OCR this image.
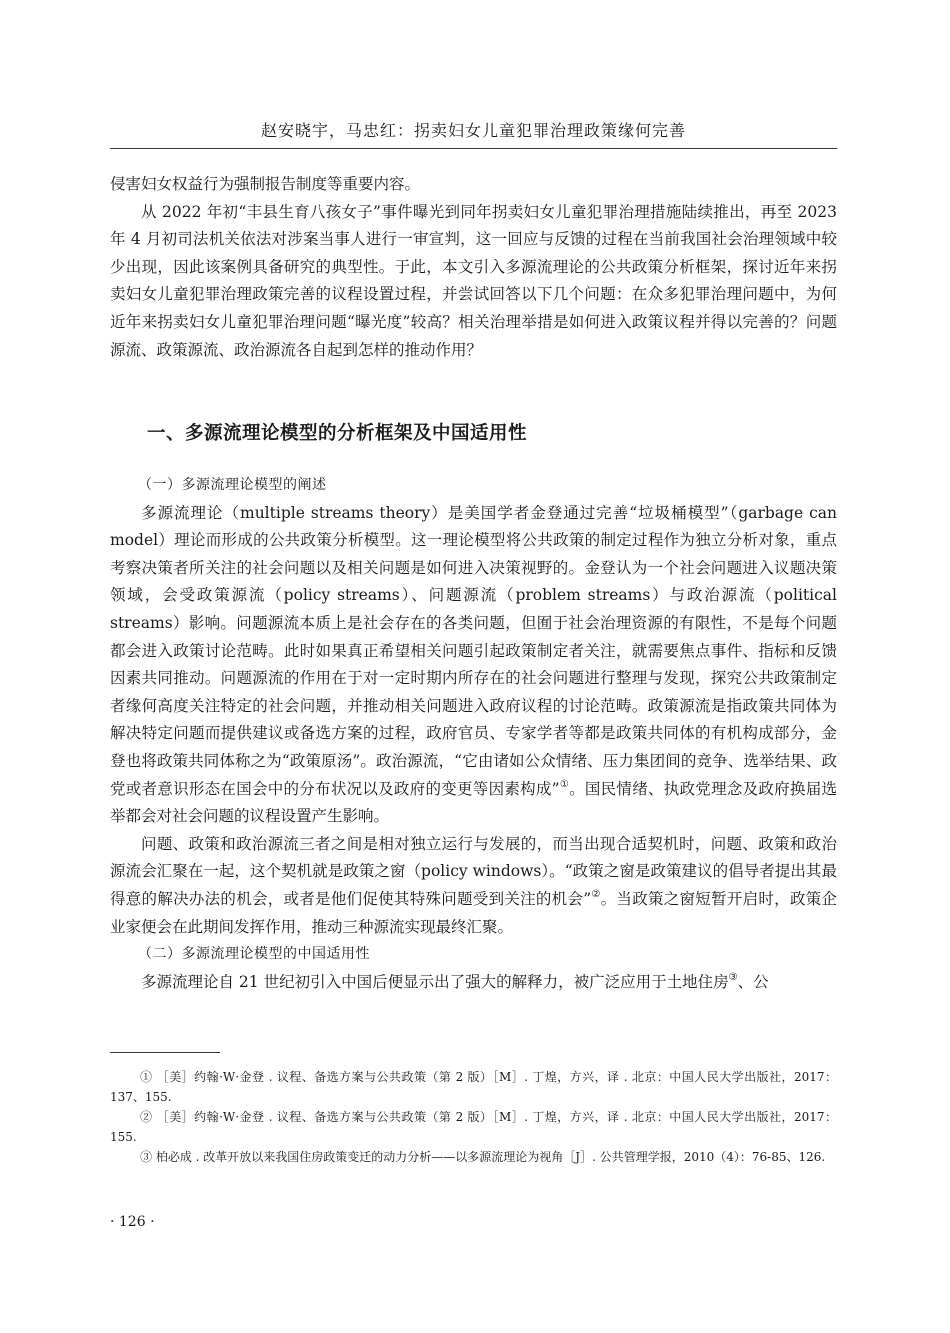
赵安晓宇，马忠红：拐卖妇女儿童犯罪治理政策缘何完善

侵害妇女权益行为强制报告制度等重要内容。

从 2022 年初“丰县生育八孩女子”事件曝光到同年拐卖妇女儿童犯罪治理措施陆续推出，再至 2023 年 4 月初司法机关依法对涉案当事人进行一审宣判，这一回应与反馈的过程在当前我国社会治理领域中较少出现，因此该案例具备研究的典型性。于此，本文引入多源流理论的公共政策分析框架，探讨近年来拐卖妇女儿童犯罪治理政策完善的议程设置过程，并尝试回答以下几个问题：在众多犯罪治理问题中，为何近年来拐卖妇女儿童犯罪治理问题“曝光度”较高？相关治理举措是如何进入政策议程并得以完善的？问题源流、政策源流、政治源流各自起到怎样的推动作用？

一、多源流理论模型的分析框架及中国适用性

（一）多源流理论模型的阐述

多源流理论（multiple streams theory）是美国学者金登通过完善“垃圾桶模型”（garbage can model）理论而形成的公共政策分析模型。这一理论模型将公共政策的制定过程作为独立分析对象，重点考察决策者所关注的社会问题以及相关问题是如何进入决策视野的。金登认为一个社会问题进入议题决策领域，会受政策源流（policy streams）、问题源流（problem streams）与政治源流（political streams）影响。问题源流本质上是社会存在的各类问题，但囿于社会治理资源的有限性，不是每个问题都会进入政策讨论范畴。此时如果真正希望相关问题引起政策制定者关注，就需要焦点事件、指标和反馈因素共同推动。问题源流的作用在于对一定时期内所存在的社会问题进行整理与发现，探究公共政策制定者缘何高度关注特定的社会问题，并推动相关问题进入政府议程的讨论范畴。政策源流是指政策共同体为解决特定问题而提供建议或备选方案的过程，政府官员、专家学者等都是政策共同体的有机构成部分，金登也将政策共同体称之为“政策原汤”。政治源流，“它由诸如公众情绪、压力集团间的竞争、选举结果、政党或者意识形态在国会中的分布状况以及政府的变更等因素构成”①。国民情绪、执政党理念及政府换届选举都会对社会问题的议程设置产生影响。

问题、政策和政治源流三者之间是相对独立运行与发展的，而当出现合适契机时，问题、政策和政治源流会汇聚在一起，这个契机就是政策之窗（policy windows）。“政策之窗是政策建议的倡导者提出其最得意的解决办法的机会，或者是他们促使其特殊问题受到关注的机会”②。当政策之窗短暂开启时，政策企业家便会在此期间发挥作用，推动三种源流实现最终汇聚。

（二）多源流理论模型的中国适用性

多源流理论自 21 世纪初引入中国后便显示出了强大的解释力，被广泛应用于土地住房③、公

① ［美］约翰·W·金登 . 议程、备选方案与公共政策（第 2 版）［M］. 丁煌，方兴，译 . 北京：中国人民大学出版社，2017：137、155.

② ［美］约翰·W·金登 . 议程、备选方案与公共政策（第 2 版）［M］. 丁煌，方兴，译 . 北京：中国人民大学出版社，2017：155.

③ 柏必成 . 改革开放以来我国住房政策变迁的动力分析——以多源流理论为视角［J］. 公共管理学报，2010（4）：76-85、126.

· 126 ·
